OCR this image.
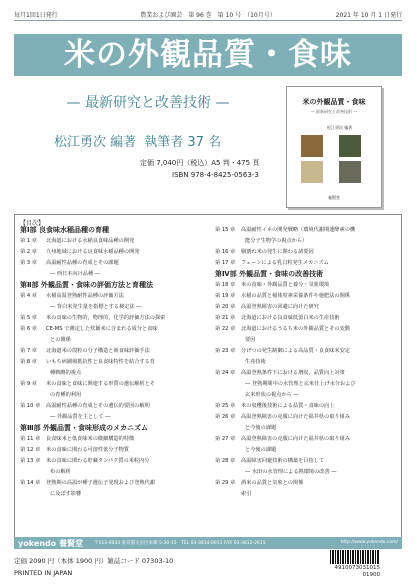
毎月1回1日発行	農業および園芸　第 96 巻　第 10 号　（10月号）	2021 年 10 月 1 日発行
米の外観品質・食味
— 最新研究と改善技術 —
松江勇次 編著 執筆者 37 名
定価 7,040円（税込）A5 判・475 頁
ISBN 978-4-8425-0563-3
米の外観品質・食味
— 最新研究と改善技術 —
松江勇次 編著
養賢堂
【目次】
第Ⅰ部 良食味水稲品種の育種
第 1 章 北海道における水稲良食味品種の開発
第 2 章 九州地域における良食味水稲品種の開発
第 3 章 高温耐性品種の育成とその課題
― 西日本向け品種 ―
第Ⅱ部 外観品質・食味の評価方法と育種法
第 4 章 水稲高温登熟耐性品種の評価方法
― 背白米発生量を指標とする検定法 ―
第 5 章 米の食味の生物的，物理的，化学的評価方法の探索
第 6 章 CE-MS で測定した炊飯米に含まれる成分と食味
との関係
第 7 章 北海道米の殻粒の分子構造と新食味評価手法
第 8 章 いもち病圃場抵抗性と良食味特性を結合する育
種戦略的視点
第 9 章 米の食味と食味に関連する形質の遺伝解析とそ
の育種的利用
第 10 章 高温耐性品種の育成とその遺伝的要因の解明
― 外観品質を主として ―
第Ⅲ部 外観品質・食味形成のメカニズム
第 11 章 良食味米と低食味米の微細構造的特徴
第 12 章 米の食味に関わる可溶性低分子物質
第 13 章 米の食味に関わる貯蔵タンパク質の米粒内分
布の解析
第 14 章 登熟期の高温が種子遺伝子発現および登熟代謝
に及ぼす影響
第 15 章 高温耐性イネの開発戦略（環境代謝関連酵素の機
能分子生物学の視点から）
第 16 章 胴割れ米の発生に関わる諸要因
第 17 章 フェーンによる乳白粒発生メカニズム
第Ⅳ部 外観品質・食味の改善技術
第 18 章 米の食味・外観品質と養分・気象環境
第 19 章 水稲の品質と稲体窒素栄養条件や施肥法の関係
第 20 章 高温登熟障害の回避に向けた研究
第 21 章 北海道における良食味低蛋白米の生産技術
第 22 章 北海道におけるうるち米の外観品質とその変動
要因
第 23 章 分げつの発生制御による高品質・良食味米安定
生産技術
第 24 章 高温登熟条件下における増収，品質向上対策
― 登熟期間中の水管理と玄米仕上げ水分および
玄米形状の視点から ―
第 25 章 米の収穫後技術による品質・食味の向上
第 26 章 高温登熟障害の克服に向けた福井県の取り組み
と今後の課題
第 27 章 高温登熟障害の克服に向けた福井県の取り組み
と今後の課題
第 28 章 高温障害回避技術の構築を目指して
― 水田の水管理による熱環境の改善 ―
第 29 章 酒米の品質と気象との関係
索引
yokendo 養賢堂 〒113-0033 東京都文京区本郷 5-30-15　TEL 03-3814-0911 FAX 03-3812-2615	http://www.yokendo.com/
定価 2090 円（本体 1900 円）雑誌コード 07303-10
PRINTED IN JAPAN
4910073031015
01900
